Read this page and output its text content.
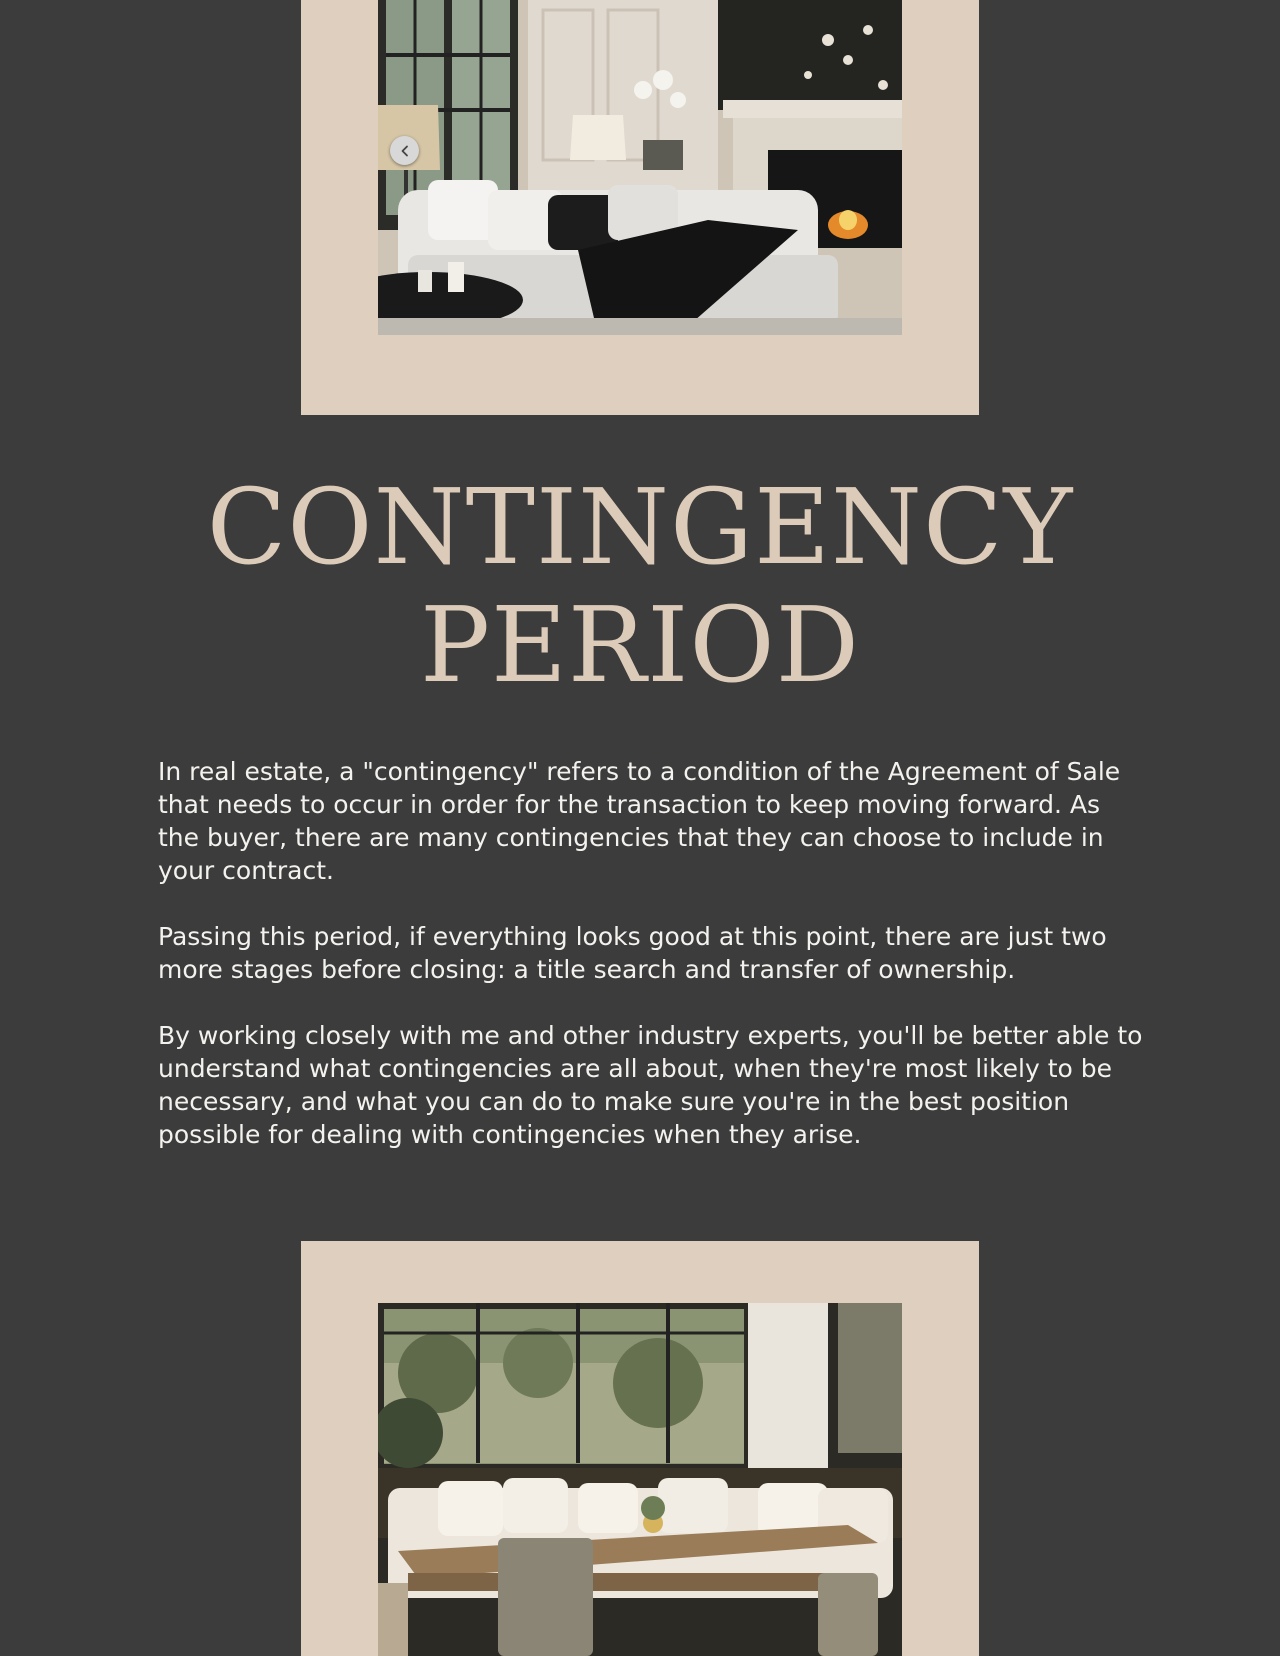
CONTINGENCY
PERIOD

In real estate, a "contingency" refers to a condition of the Agreement of Sale that needs to occur in order for the transaction to keep moving forward. As the buyer, there are many contingencies that they can choose to include in your contract.

Passing this period, if everything looks good at this point, there are just two more stages before closing: a title search and transfer of ownership.

By working closely with me and other industry experts, you'll be better able to understand what contingencies are all about, when they're most likely to be necessary, and what you can do to make sure you're in the best position possible for dealing with contingencies when they arise.
